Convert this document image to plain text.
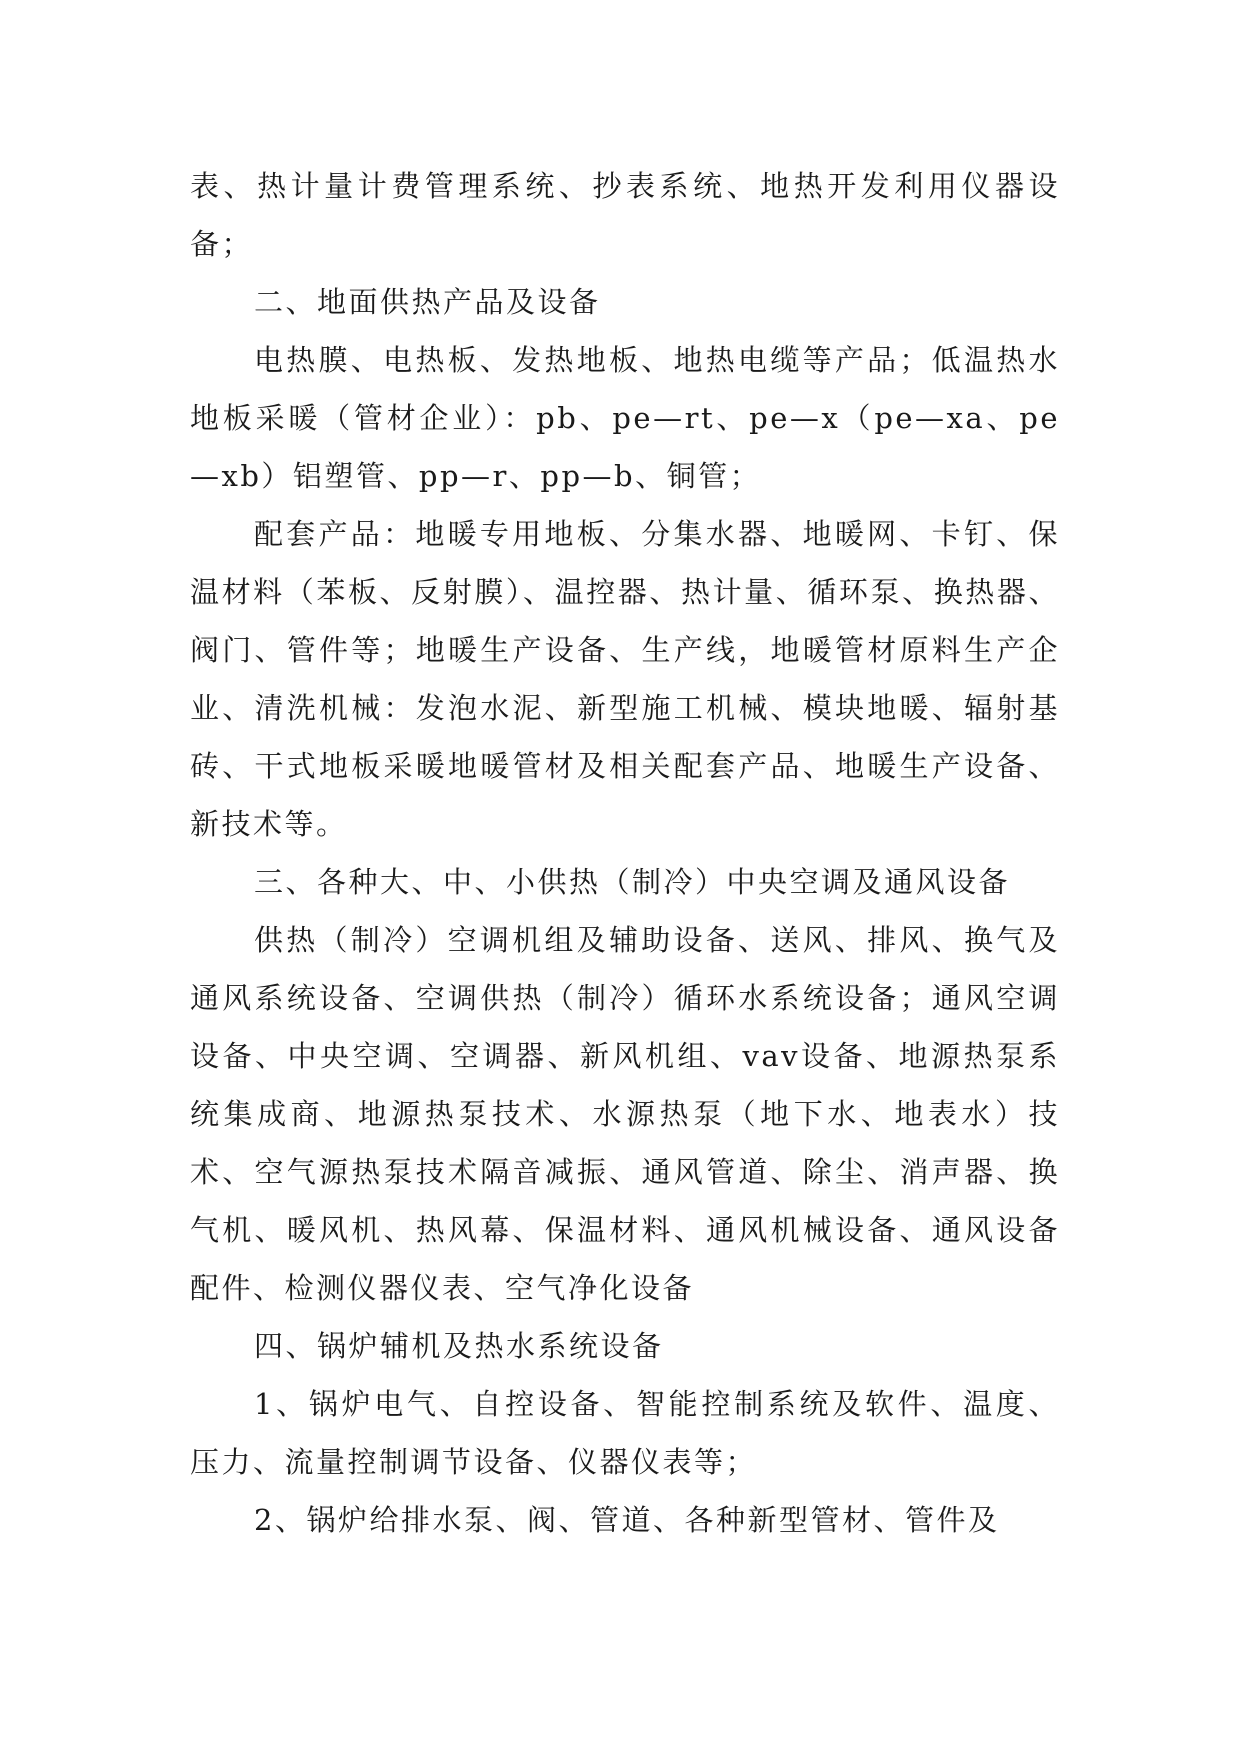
表、热计量计费管理系统、抄表系统、地热开发利用仪器设备；

二、地面供热产品及设备

电热膜、电热板、发热地板、地热电缆等产品；低温热水地板采暖（管材企业）：pb、pe—rt、pe—x（pe—xa、pe—xb）铝塑管、pp—r、pp—b、铜管；

配套产品：地暖专用地板、分集水器、地暖网、卡钉、保温材料（苯板、反射膜）、温控器、热计量、循环泵、换热器、阀门、管件等；地暖生产设备、生产线，地暖管材原料生产企业、清洗机械：发泡水泥、新型施工机械、模块地暖、辐射基砖、干式地板采暖地暖管材及相关配套产品、地暖生产设备、新技术等。

三、各种大、中、小供热（制冷）中央空调及通风设备

供热（制冷）空调机组及辅助设备、送风、排风、换气及通风系统设备、空调供热（制冷）循环水系统设备；通风空调设备、中央空调、空调器、新风机组、vav设备、地源热泵系统集成商、地源热泵技术、水源热泵（地下水、地表水）技术、空气源热泵技术隔音减振、通风管道、除尘、消声器、换气机、暖风机、热风幕、保温材料、通风机械设备、通风设备配件、检测仪器仪表、空气净化设备

四、锅炉辅机及热水系统设备

1、锅炉电气、自控设备、智能控制系统及软件、温度、压力、流量控制调节设备、仪器仪表等；

2、锅炉给排水泵、阀、管道、各种新型管材、管件及
